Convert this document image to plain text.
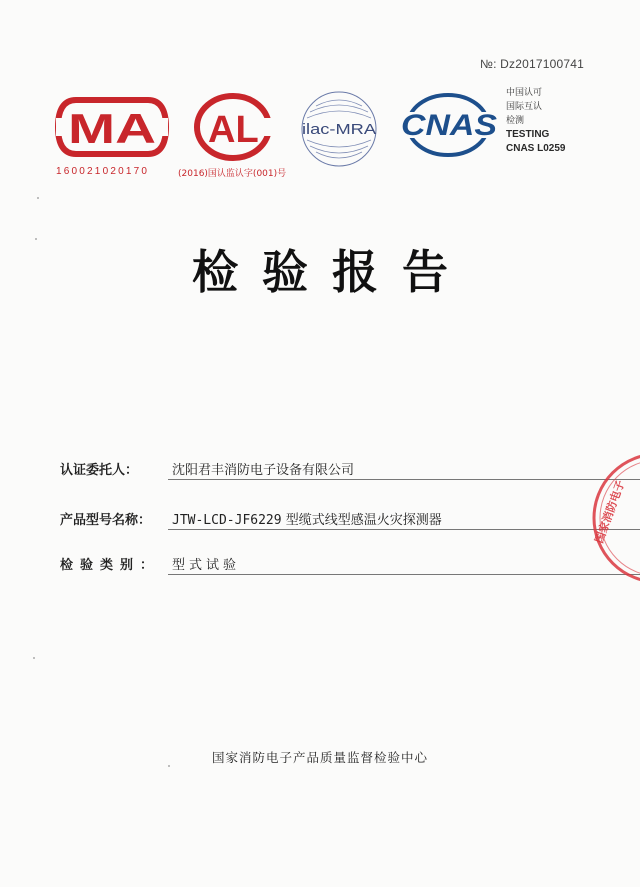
№: Dz2017100741
MA
160021020170
AL
(2016)国认监认字(001)号
ilac-MRA CNAS
中国认可
国际互认
检测
TESTING
CNAS L0259
检验报告
认证委托人：	沈阳君丰消防电子设备有限公司
产品型号名称：	JTW-LCD-JF6229 型缆式线型感温火灾探测器
检验类别： 型式试验
国家消防电子
国家消防电子产品质量监督检验中心
